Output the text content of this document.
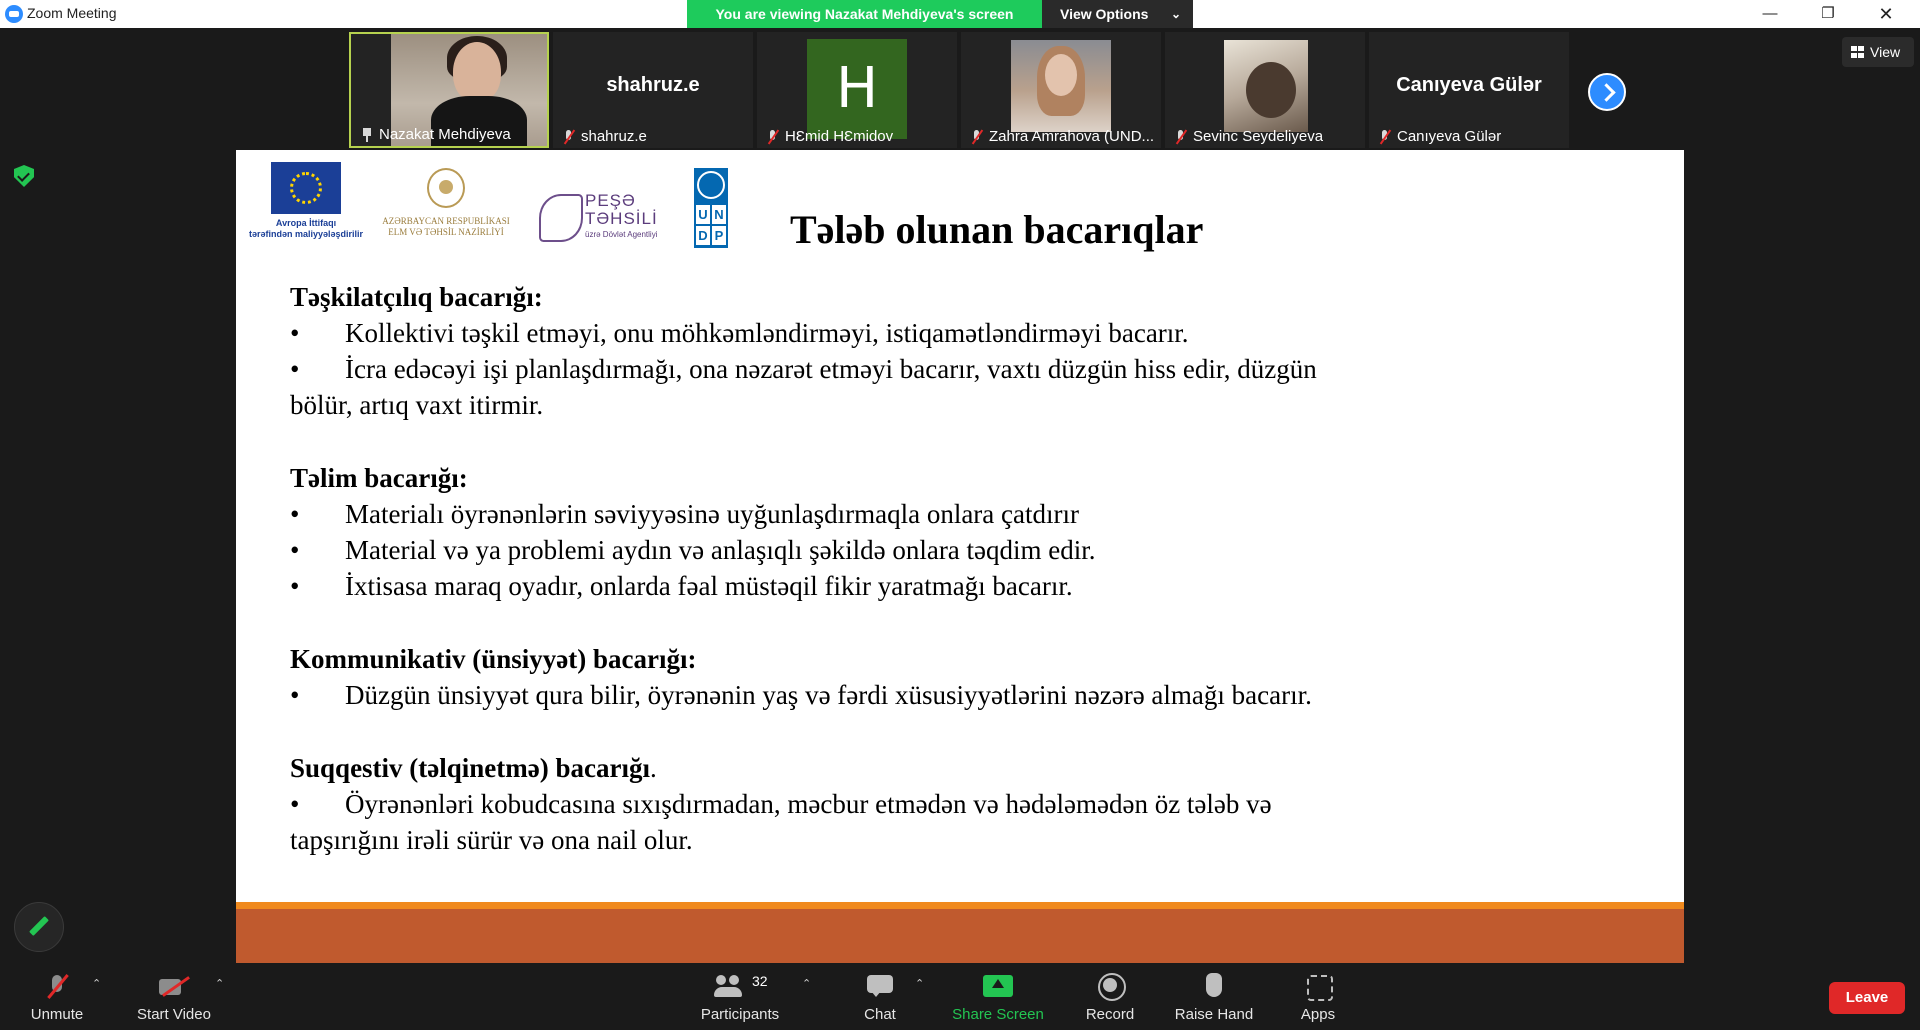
Zoom Meeting	You are viewing Nazakat Mehdiyeva's screen	View Options ⌄	—	❐	✕
Nazakat Mehdiyeva
shahruz.e
shahruz.e
H
HƐmid HƐmidov	Zahra Amrahova (UND...	Sevinc Seydeliyeva
Canıyeva Gülər
Canıyeva Gülər
View
Avropa İttifaqı
tərəfindən maliyyələşdirilir
AZƏRBAYCAN RESPUBLİKASI
ELM VƏ TƏHSİL NAZİRLİYİ
PEŞƏ
TƏHSİLİ
üzrə Dövlət Agentliyi
U N
D P Tələb olunan bacarıqlar
Təşkilatçılıq bacarığı:
• Kollektivi təşkil etməyi, onu möhkəmləndirməyi, istiqamətləndirməyi bacarır.
• İcra edəcəyi işi planlaşdırmağı, ona nəzarət etməyi bacarır, vaxtı düzgün hiss edir, düzgün
bölür, artıq vaxt itirmir.
Təlim bacarığı:
• Materialı öyrənənlərin səviyyəsinə uyğunlaşdırmaqla onlara çatdırır
• Material və ya problemi aydın və anlaşıqlı şəkildə onlara təqdim edir.
• İxtisasa maraq oyadır, onlarda fəal müstəqil fikir yaratmağı bacarır.
Kommunikativ (ünsiyyət) bacarığı:
• Düzgün ünsiyyət qura bilir, öyrənənin yaş və fərdi xüsusiyyətlərini nəzərə almağı bacarır.
Suqqestiv (təlqinetmə) bacarığı.
• Öyrənənləri kobudcasına sıxışdırmadan, məcbur etmədən və hədələmədən öz tələb və
tapşırığını irəli sürür və ona nail olur.
Unmute
⌃
Start Video
⌃	32
Participants
⌃
Chat
⌃
Share Screen	Record	Raise Hand	Apps
Leave
